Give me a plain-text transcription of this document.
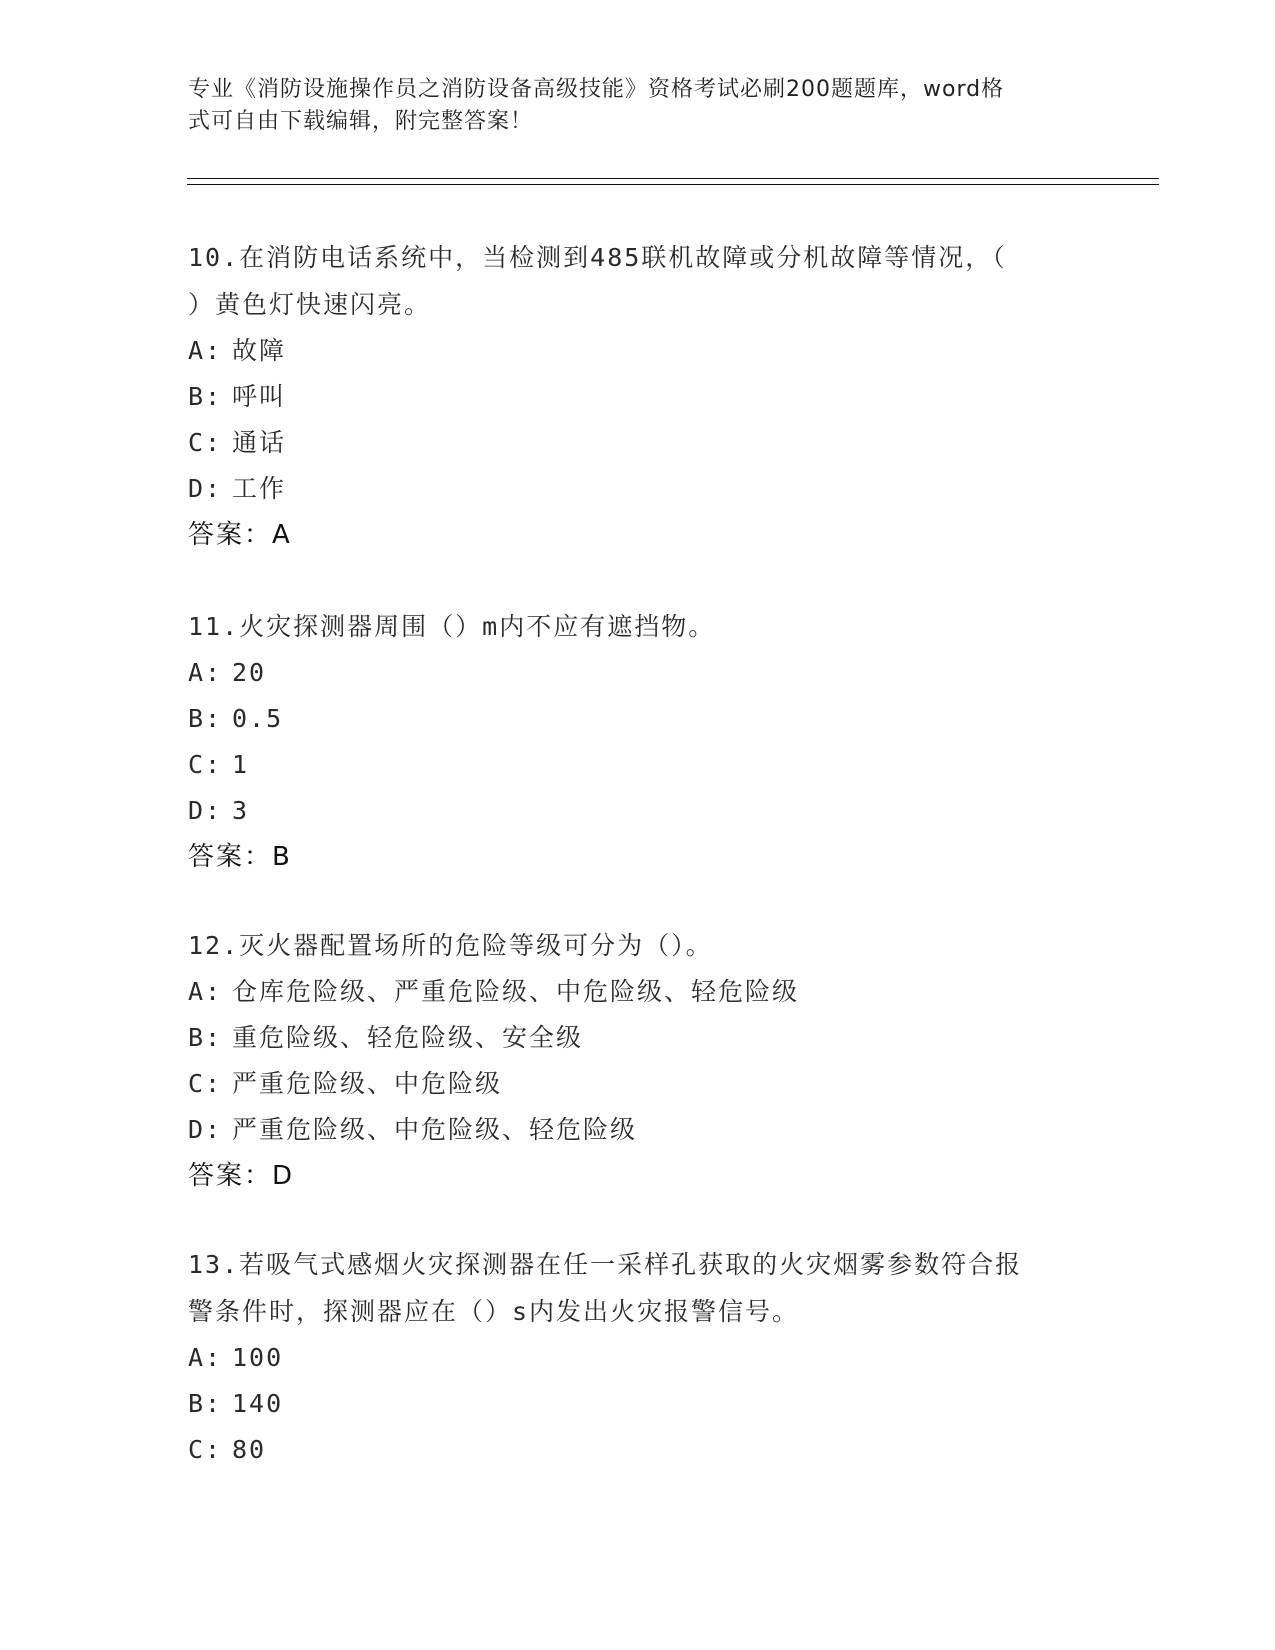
专业《消防设施操作员之消防设备高级技能》资格考试必刷200题题库，word格
式可自由下载编辑，附完整答案！
10.在消防电话系统中，当检测到485联机故障或分机故障等情况，（
）黄色灯快速闪亮。
A: 故障
B: 呼叫
C: 通话
D: 工作
答案：A
11.火灾探测器周围（）m内不应有遮挡物。
A: 20
B: 0.5
C: 1
D: 3
答案：B
12.灭火器配置场所的危险等级可分为（）。
A: 仓库危险级、严重危险级、中危险级、轻危险级
B: 重危险级、轻危险级、安全级
C: 严重危险级、中危险级
D: 严重危险级、中危险级、轻危险级
答案：D
13.若吸气式感烟火灾探测器在任一采样孔获取的火灾烟雾参数符合报
警条件时，探测器应在（）s内发出火灾报警信号。
A: 100
B: 140
C: 80
